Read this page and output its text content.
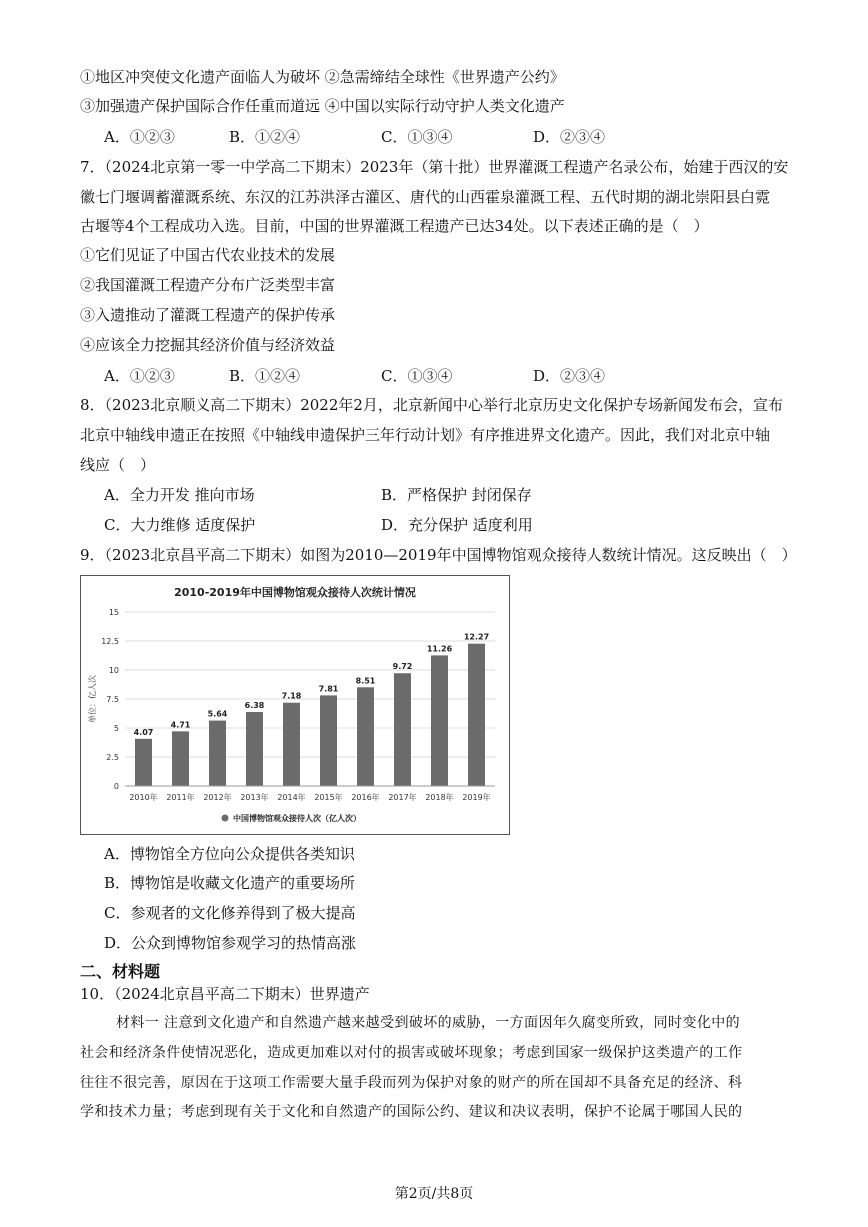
①地区冲突使文化遗产面临人为破坏 ②急需缔结全球性《世界遗产公约》
③加强遗产保护国际合作任重而道远 ④中国以实际行动守护人类文化遗产
A．①②③	B．①②④	C．①③④	D．②③④
7．（2024北京第一零一中学高二下期末）2023年（第十批）世界灌溉工程遗产名录公布，始建于西汉的安
徽七门堰调蓄灌溉系统、东汉的江苏洪泽古灌区、唐代的山西霍泉灌溉工程、五代时期的湖北崇阳县白霓
古堰等4个工程成功入选。目前，中国的世界灌溉工程遗产已达34处。以下表述正确的是（　）
①它们见证了中国古代农业技术的发展
②我国灌溉工程遗产分布广泛类型丰富
③入遗推动了灌溉工程遗产的保护传承
④应该全力挖掘其经济价值与经济效益
A．①②③	B．①②④	C．①③④	D．②③④
8．（2023北京顺义高二下期末）2022年2月，北京新闻中心举行北京历史文化保护专场新闻发布会，宣布
北京中轴线申遗正在按照《中轴线申遗保护三年行动计划》有序推进界文化遗产。因此，我们对北京中轴
线应（　）
A．全力开发 推向市场	B．严格保护 封闭保存
C．大力维修 适度保护	D．充分保护 适度利用
9．（2023北京昌平高二下期末）如图为2010—2019年中国博物馆观众接待人数统计情况。这反映出（　）
2010-2019年中国博物馆观众接待人次统计情况
0
2.5
5
7.5
10
12.5
15
单位：亿人次
4.07
2010年
4.71
2011年
5.64
2012年
6.38
2013年
7.18
2014年
7.81
2015年
8.51
2016年
9.72
2017年
11.26
2018年
12.27
2019年
中国博物馆观众接待人次（亿人次）
A．博物馆全方位向公众提供各类知识
B．博物馆是收藏文化遗产的重要场所
C．参观者的文化修养得到了极大提高
D．公众到博物馆参观学习的热情高涨
二、材料题
10．（2024北京昌平高二下期末）世界遗产
材料一 注意到文化遗产和自然遗产越来越受到破坏的威胁，一方面因年久腐变所致，同时变化中的
社会和经济条件使情况恶化，造成更加难以对付的损害或破坏现象；考虑到国家一级保护这类遗产的工作
往往不很完善，原因在于这项工作需要大量手段而列为保护对象的财产的所在国却不具备充足的经济、科
学和技术力量；考虑到现有关于文化和自然遗产的国际公约、建议和决议表明，保护不论属于哪国人民的
第2页/共8页
